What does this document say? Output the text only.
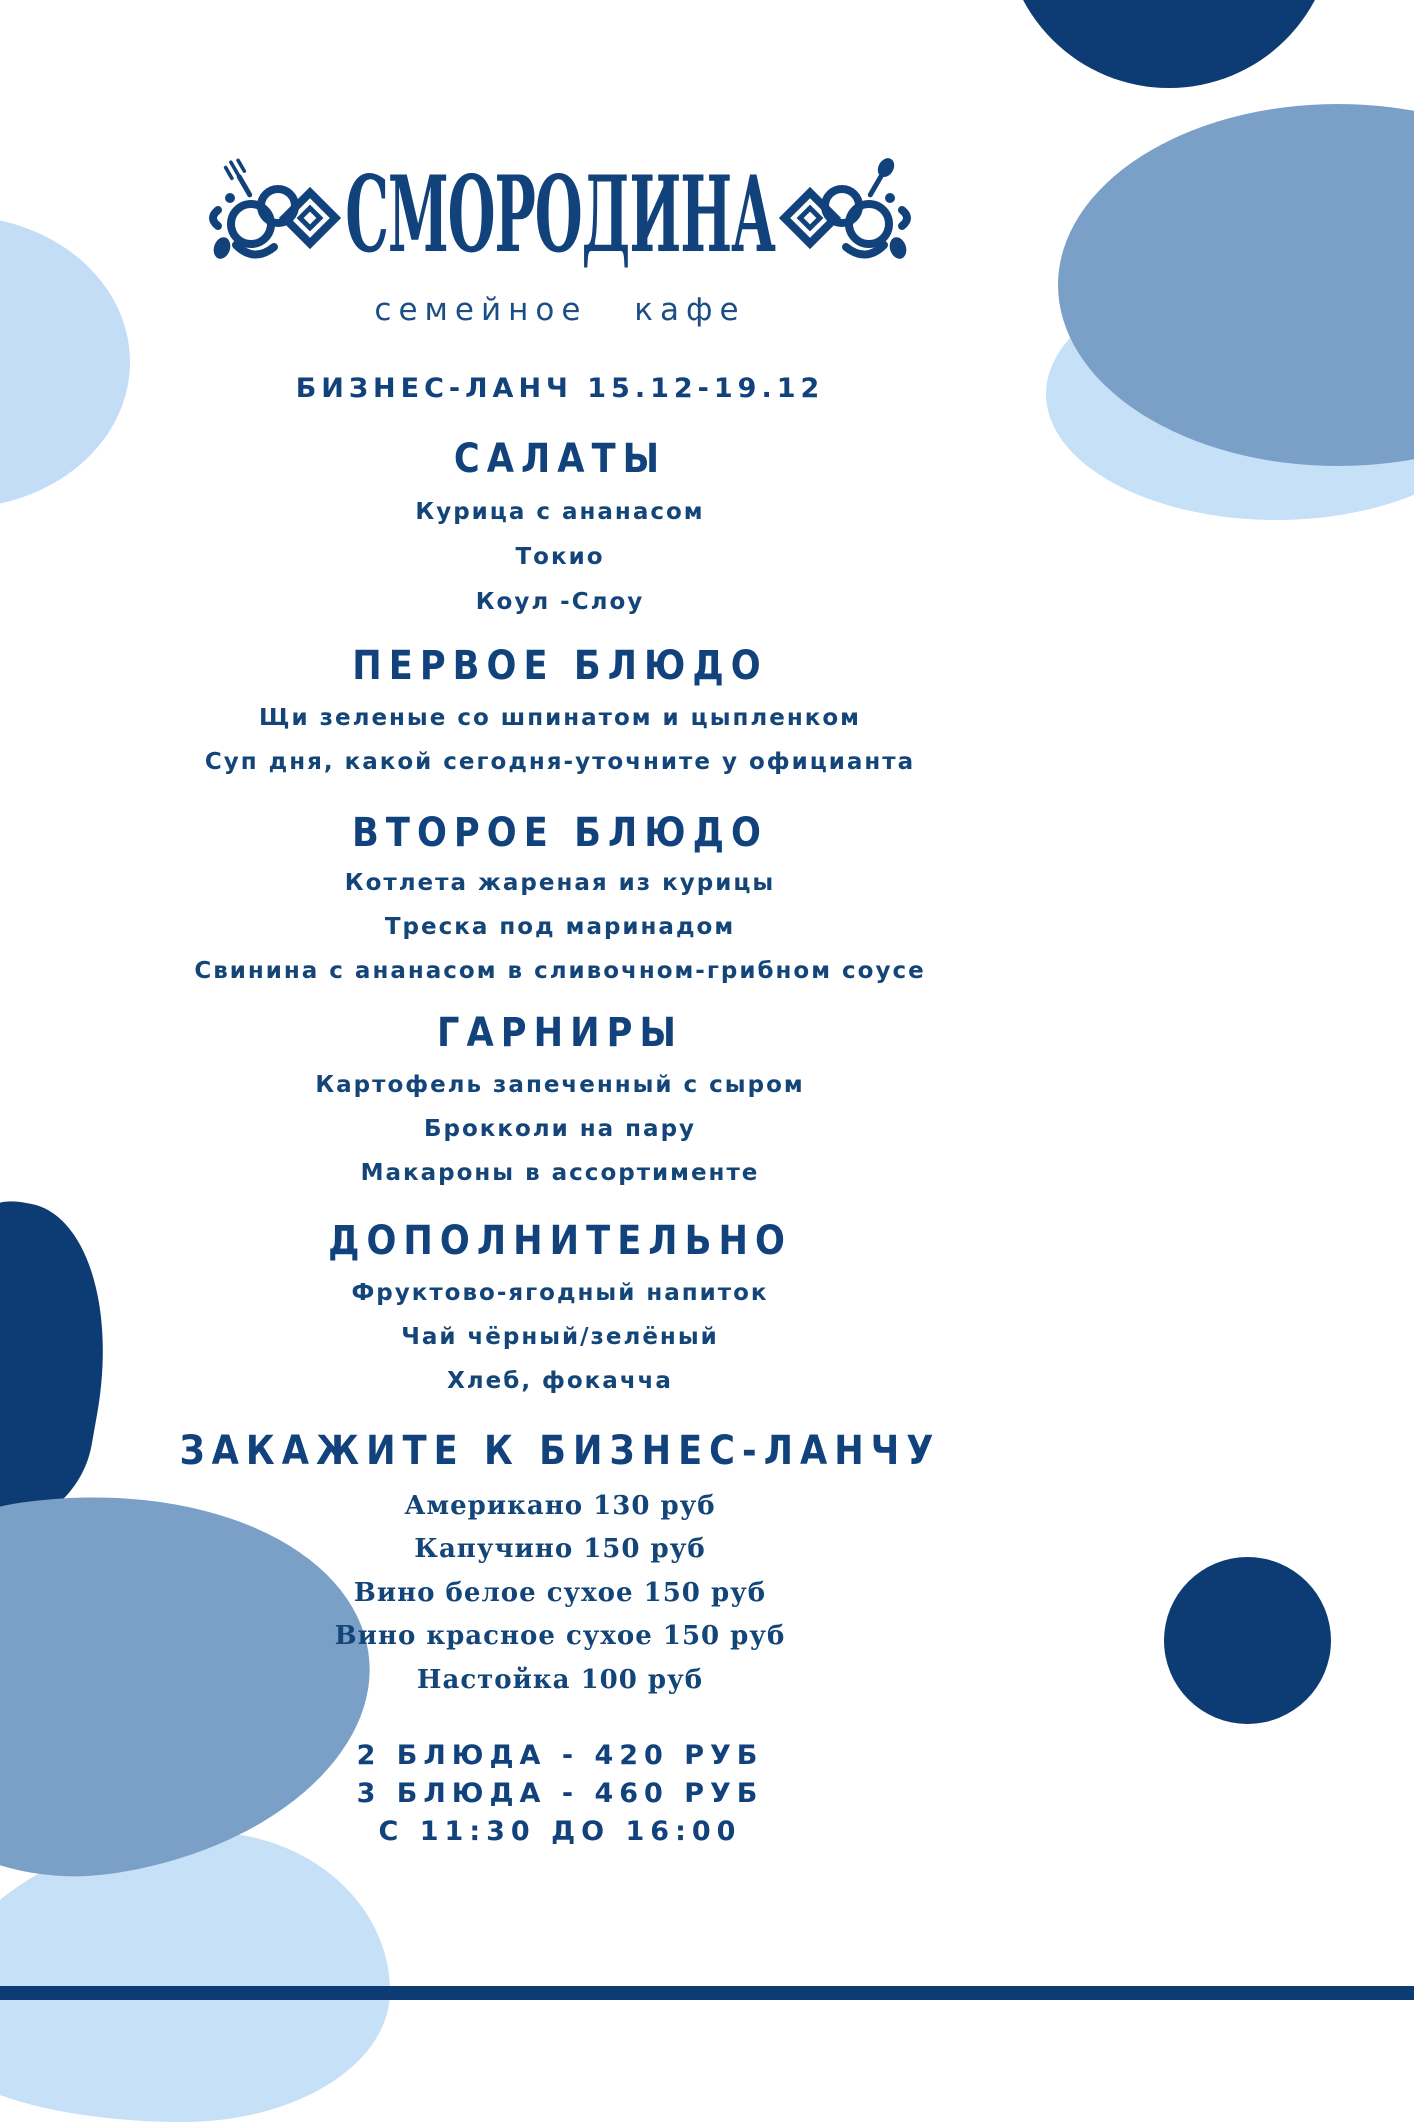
СМОРОДИНА
семейное кафе
БИЗНЕС-ЛАНЧ 15.12-19.12
САЛАТЫ
Курица с ананасом
Токио
Коул -Слоу
ПЕРВОЕ БЛЮДО
Щи зеленые со шпинатом и цыпленком
Суп дня, какой сегодня-уточните у официанта
ВТОРОЕ БЛЮДО
Котлета жареная из курицы
Треска под маринадом
Свинина с ананасом в сливочном-грибном соусе
ГАРНИРЫ
Картофель запеченный с сыром
Брокколи на пару
Макароны в ассортименте
ДОПОЛНИТЕЛЬНО
Фруктово-ягодный напиток
Чай чёрный/зелёный
Хлеб, фокачча
ЗАКАЖИТЕ К БИЗНЕС-ЛАНЧУ
Американо 130 руб
Капучино 150 руб
Вино белое сухое 150 руб
Вино красное сухое 150 руб
Настойка 100 руб
2 БЛЮДА - 420 РУБ
3 БЛЮДА - 460 РУБ
С 11:30 ДО 16:00
